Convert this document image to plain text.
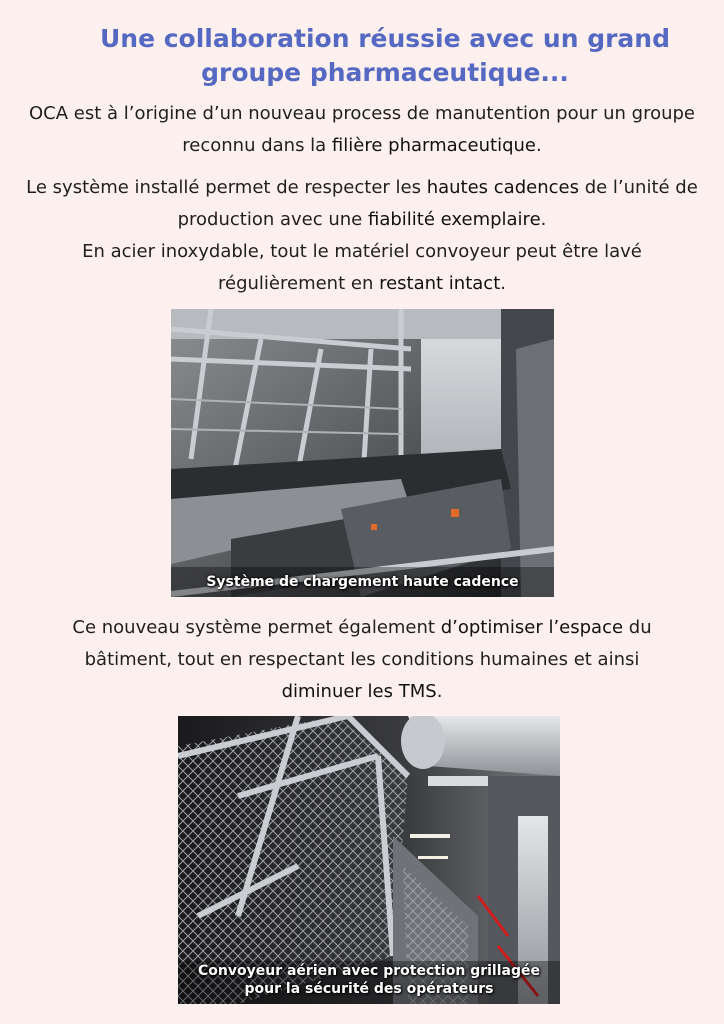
Une collaboration réussie avec un grand groupe pharmaceutique...

OCA est à l’origine d’un nouveau process de manutention pour un groupe
reconnu dans la filière pharmaceutique.

Le système installé permet de respecter les hautes cadences de l’unité de
production avec une fiabilité exemplaire.
En acier inoxydable, tout le matériel convoyeur peut être lavé
régulièrement en restant intact.

Système de chargement haute cadence

Ce nouveau système permet également d’optimiser l’espace du
bâtiment, tout en respectant les conditions humaines et ainsi
diminuer les TMS.

Convoyeur aérien avec protection grillagée
pour la sécurité des opérateurs
